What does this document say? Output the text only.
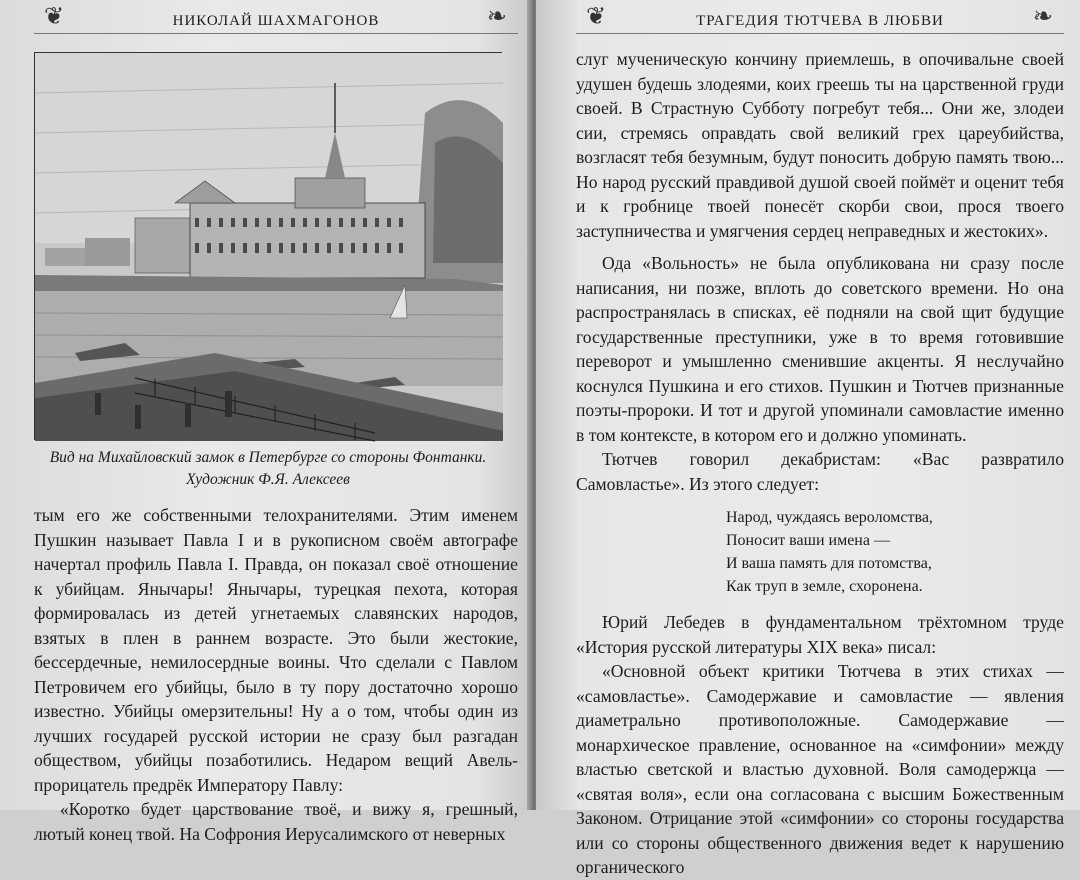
❦	НИКОЛАЙ ШАХМАГОНОВ	❧
Вид на Михайловский замок в Петербурге со стороны Фонтанки.
Художник Ф.Я. Алексеев

тым его же собственными телохранителями. Этим именем Пушкин называет Павла I и в рукописном своём автографе начертал профиль Павла I. Правда, он показал своё отношение к убийцам. Янычары! Янычары, турецкая пехота, которая формировалась из детей угнетаемых славянских народов, взятых в плен в раннем возрасте. Это были жестокие, бессердечные, немилосердные воины. Что сделали с Павлом Петровичем его убийцы, было в ту пору достаточно хорошо известно. Убийцы омерзительны! Ну а о том, чтобы один из лучших государей русской истории не сразу был разгадан обществом, убийцы позаботились. Недаром вещий Авель-прорицатель предрёк Императору Павлу:

«Коротко будет царствование твоё, и вижу я, грешный, лютый конец твой. На Софрония Иерусалимского от неверных

❦	ТРАГЕДИЯ ТЮТЧЕВА В ЛЮБВИ	❧

слуг мученическую кончину приемлешь, в опочивальне своей удушен будешь злодеями, коих греешь ты на царственной груди своей. В Страстную Субботу погребут тебя... Они же, злодеи сии, стремясь оправдать свой великий грех цареубийства, возгласят тебя безумным, будут поносить добрую память твою... Но народ русский правдивой душой своей поймёт и оценит тебя и к гробнице твоей понесёт скорби свои, прося твоего заступничества и умягчения сердец неправедных и жестоких».

Ода «Вольность» не была опубликована ни сразу после написания, ни позже, вплоть до советского времени. Но она распространялась в списках, её подняли на свой щит будущие государственные преступники, уже в то время готовившие переворот и умышленно сменившие акценты. Я неслучайно коснулся Пушкина и его стихов. Пушкин и Тютчев признанные поэты-пророки. И тот и другой упоминали самовластие именно в том контексте, в котором его и должно упоминать.

Тютчев говорил декабристам: «Вас развратило Самовластье». Из этого следует:

Народ, чуждаясь вероломства,
Поносит ваши имена —
И ваша память для потомства,
Как труп в земле, схоронена.

Юрий Лебедев в фундаментальном трёхтомном труде «История русской литературы XIX века» писал:

«Основной объект критики Тютчева в этих стихах — «самовластье». Самодержавие и самовластие — явления диаметрально противоположные. Самодержавие — монархическое правление, основанное на «симфонии» между властью светской и властью духовной. Воля самодержца — «святая воля», если она согласована с высшим Божественным Законом. Отрицание этой «симфонии» со стороны государства или со стороны общественного движения ведет к нарушению органического
